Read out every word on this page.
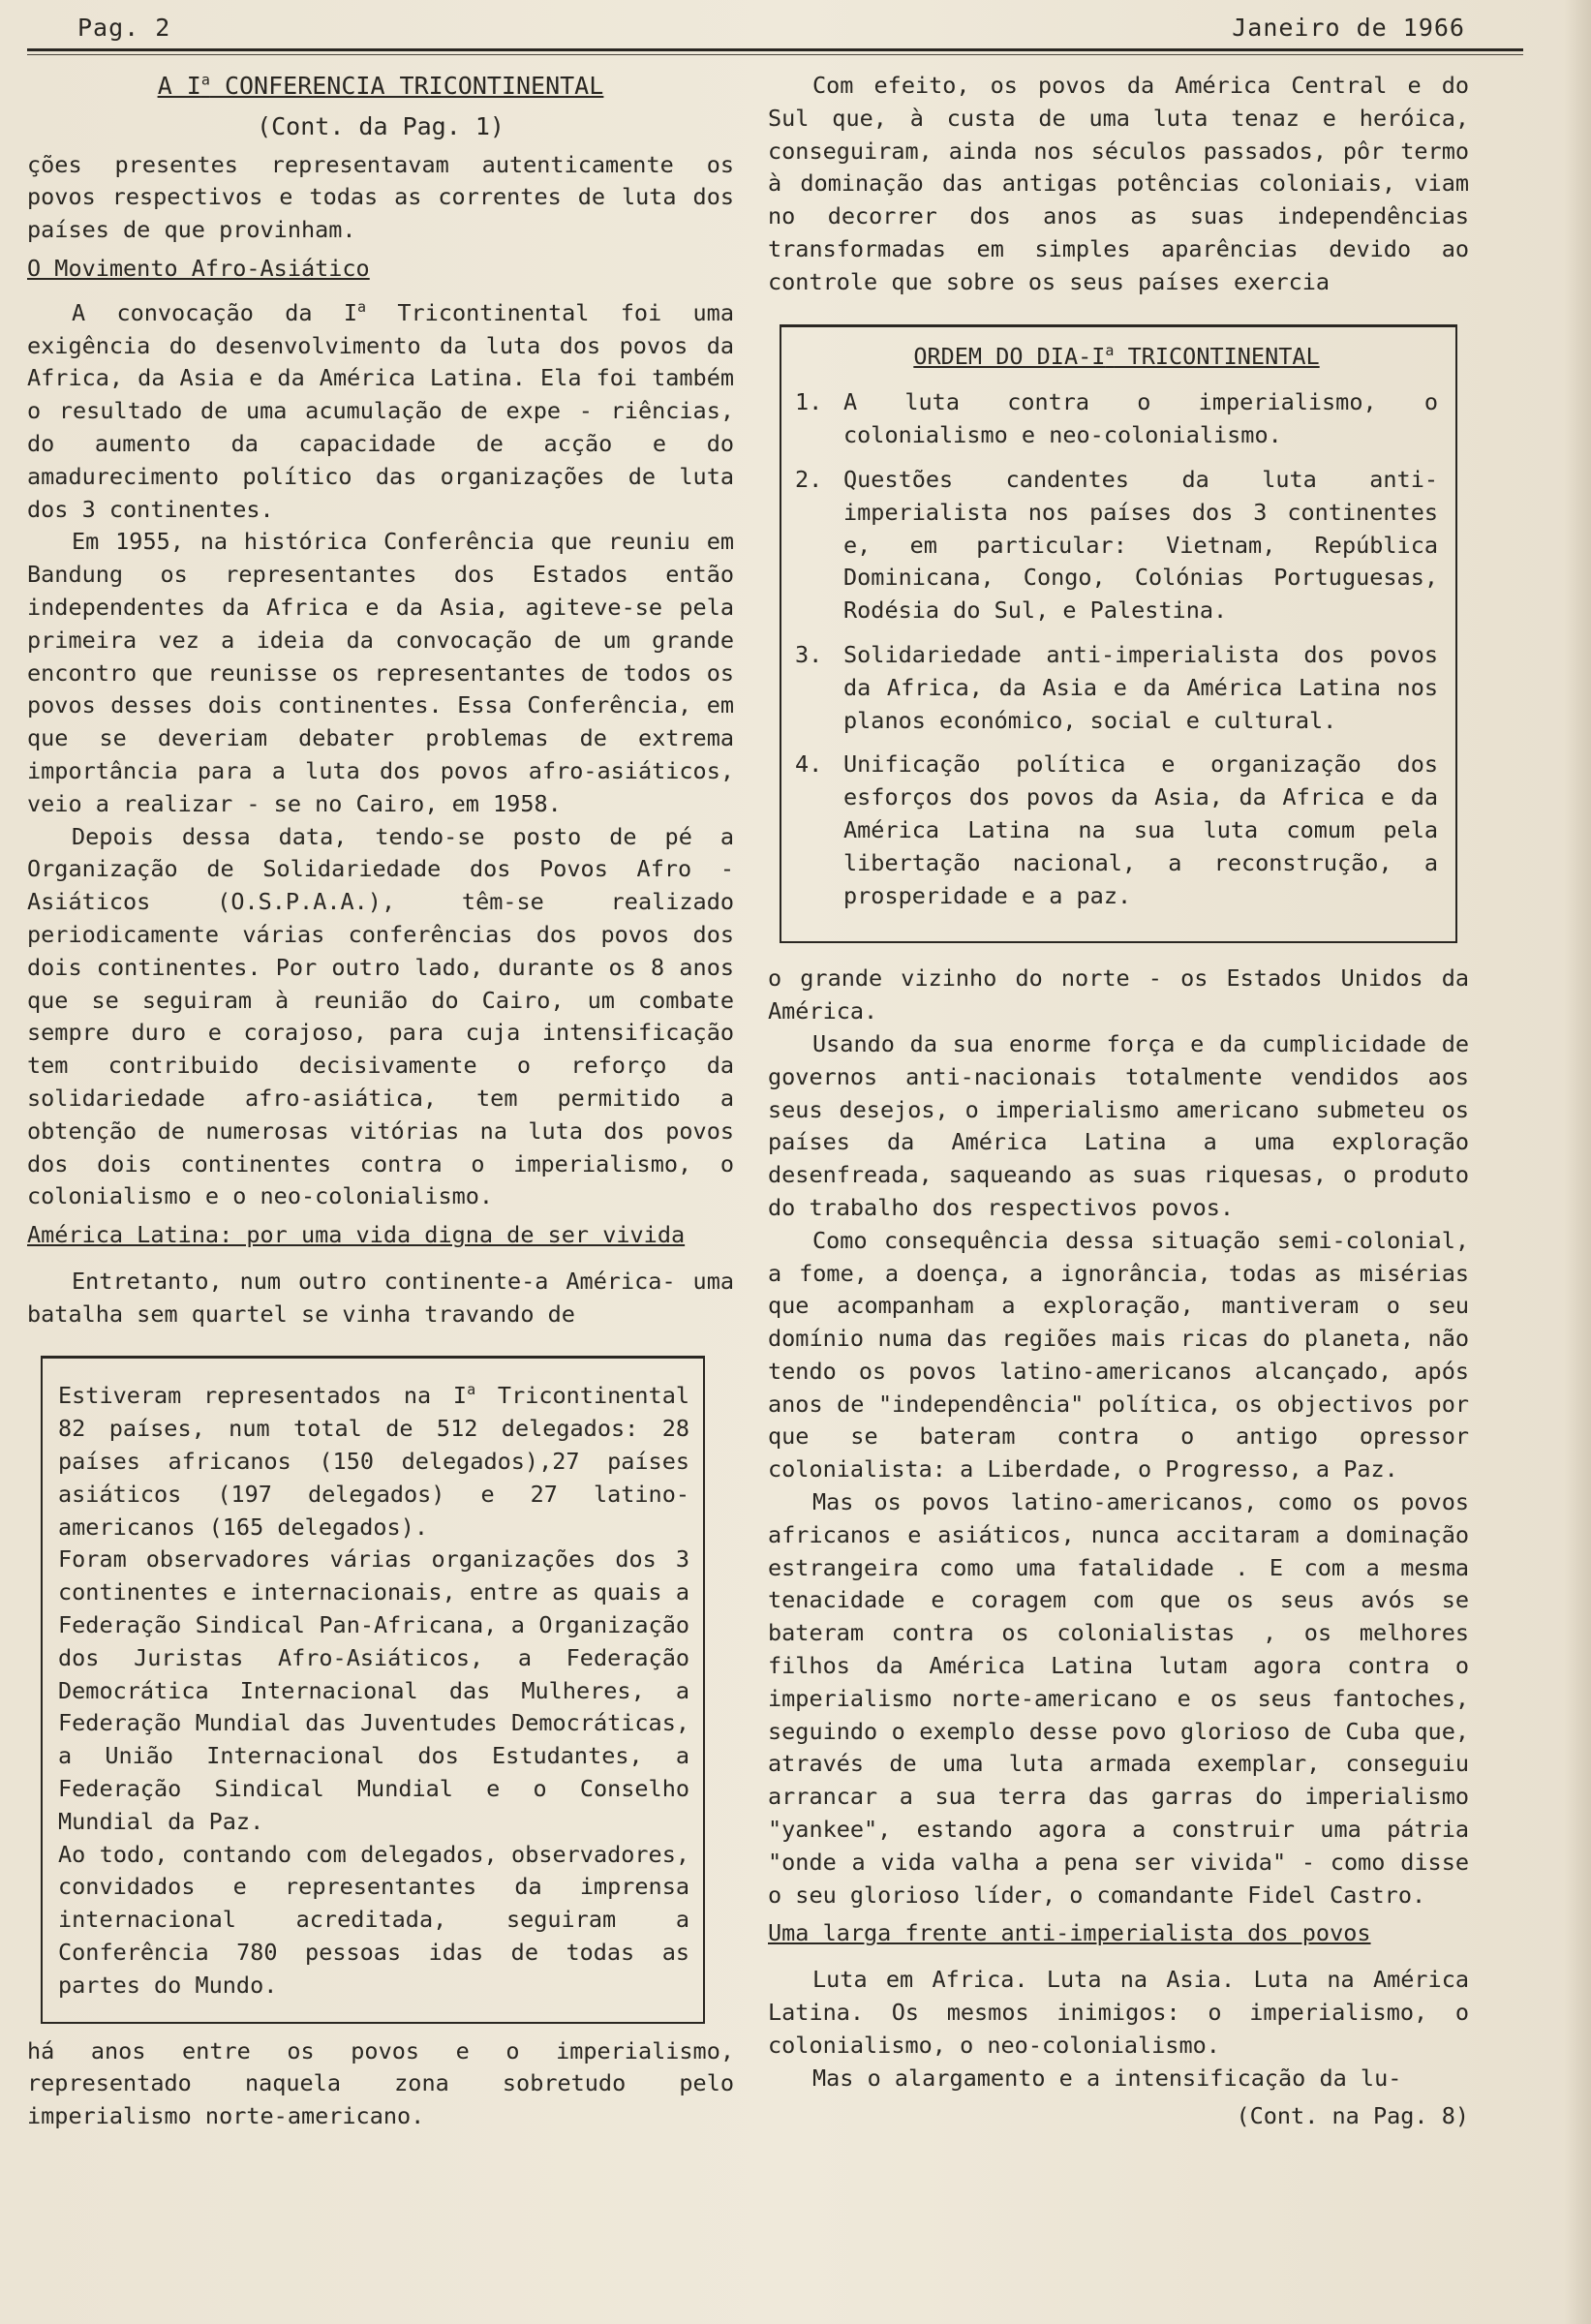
Pag. 2	Janeiro de 1966
A $I^a$ CONFERENCIA TRICONTINENTAL
(Cont. da Pag. 1)

ções presentes representavam autenticamente os povos respectivos e todas as correntes de luta dos países de que provinham.

O Movimento Afro-Asiático

A convocação da $I^a$ Tricontinental foi uma exigência do desenvolvimento da luta dos povos da Africa, da Asia e da América Latina. Ela foi também o resultado de uma acumulação de expe - riências, do aumento da capacidade de acção e do amadurecimento político das organizações de luta dos 3 continentes.

Em 1955, na histórica Conferência que reuniu em Bandung os representantes dos Estados então independentes da Africa e da Asia, agiteve-se pela primeira vez a ideia da convocação de um grande encontro que reunisse os representantes de todos os povos desses dois continentes. Essa Conferência, em que se deveriam debater problemas de extrema importância para a luta dos povos afro-asiáticos, veio a realizar - se no Cairo, em 1958.

Depois dessa data, tendo-se posto de pé a Organização de Solidariedade dos Povos Afro - Asiáticos (O.S.P.A.A.), têm-se realizado periodicamente várias conferências dos povos dos dois continentes. Por outro lado, durante os 8 anos que se seguiram à reunião do Cairo, um combate sempre duro e corajoso, para cuja intensificação tem contribuido decisivamente o reforço da solidariedade afro-asiática, tem permitido a obtenção de numerosas vitórias na luta dos povos dos dois continentes contra o imperialismo, o colonialismo e o neo-colonialismo.

América Latina: por uma vida digna de ser vivida

Entretanto, num outro continente-a América- uma batalha sem quartel se vinha travando de

Estiveram representados na $I^a$ Tricontinental 82 países, num total de 512 delegados: 28 países africanos (150 delegados),27 países asiáticos (197 delegados) e 27 latino-americanos (165 delegados).

Foram observadores várias organizações dos 3 continentes e internacionais, entre as quais a Federação Sindical Pan-Africana, a Organização dos Juristas Afro-Asiáticos, a Federação Democrática Internacional das Mulheres, a Federação Mundial das Juventudes Democráticas, a União Internacional dos Estudantes, a Federação Sindical Mundial e o Conselho Mundial da Paz.

Ao todo, contando com delegados, observadores, convidados e representantes da imprensa internacional acreditada, seguiram a Conferência 780 pessoas idas de todas as partes do Mundo.

há anos entre os povos e o imperialismo, representado naquela zona sobretudo pelo imperialismo norte-americano.

Com efeito, os povos da América Central e do Sul que, à custa de uma luta tenaz e heróica, conseguiram, ainda nos séculos passados, pôr termo à dominação das antigas potências coloniais, viam no decorrer dos anos as suas independências transformadas em simples aparências devido ao controle que sobre os seus países exercia

ORDEM DO DIA-$I^a$ TRICONTINENTAL
1. A luta contra o imperialismo, o colonialismo e neo-colonialismo.
2. Questões candentes da luta anti-imperialista nos países dos 3 continentes e, em particular: Vietnam, República Dominicana, Congo, Colónias Portuguesas, Rodésia do Sul, e Palestina.
3. Solidariedade anti-imperialista dos povos da Africa, da Asia e da América Latina nos planos económico, social e cultural.
4. Unificação política e organização dos esforços dos povos da Asia, da Africa e da América Latina na sua luta comum pela libertação nacional, a reconstrução, a prosperidade e a paz.

o grande vizinho do norte - os Estados Unidos da América.

Usando da sua enorme força e da cumplicidade de governos anti-nacionais totalmente vendidos aos seus desejos, o imperialismo americano submeteu os países da América Latina a uma exploração desenfreada, saqueando as suas riquesas, o produto do trabalho dos respectivos povos.

Como consequência dessa situação semi-colonial, a fome, a doença, a ignorância, todas as misérias que acompanham a exploração, mantiveram o seu domínio numa das regiões mais ricas do planeta, não tendo os povos latino-americanos alcançado, após anos de "independência" política, os objectivos por que se bateram contra o antigo opressor colonialista: a Liberdade, o Progresso, a Paz.

Mas os povos latino-americanos, como os povos africanos e asiáticos, nunca accitaram a dominação estrangeira como uma fatalidade . E com a mesma tenacidade e coragem com que os seus avós se bateram contra os colonialistas , os melhores filhos da América Latina lutam agora contra o imperialismo norte-americano e os seus fantoches, seguindo o exemplo desse povo glorioso de Cuba que, através de uma luta armada exemplar, conseguiu arrancar a sua terra das garras do imperialismo "yankee", estando agora a construir uma pátria "onde a vida valha a pena ser vivida" - como disse o seu glorioso líder, o comandante Fidel Castro.

Uma larga frente anti-imperialista dos povos

Luta em Africa. Luta na Asia. Luta na América Latina. Os mesmos inimigos: o imperialismo, o colonialismo, o neo-colonialismo.

Mas o alargamento e a intensificação da lu-

(Cont. na Pag. 8)
